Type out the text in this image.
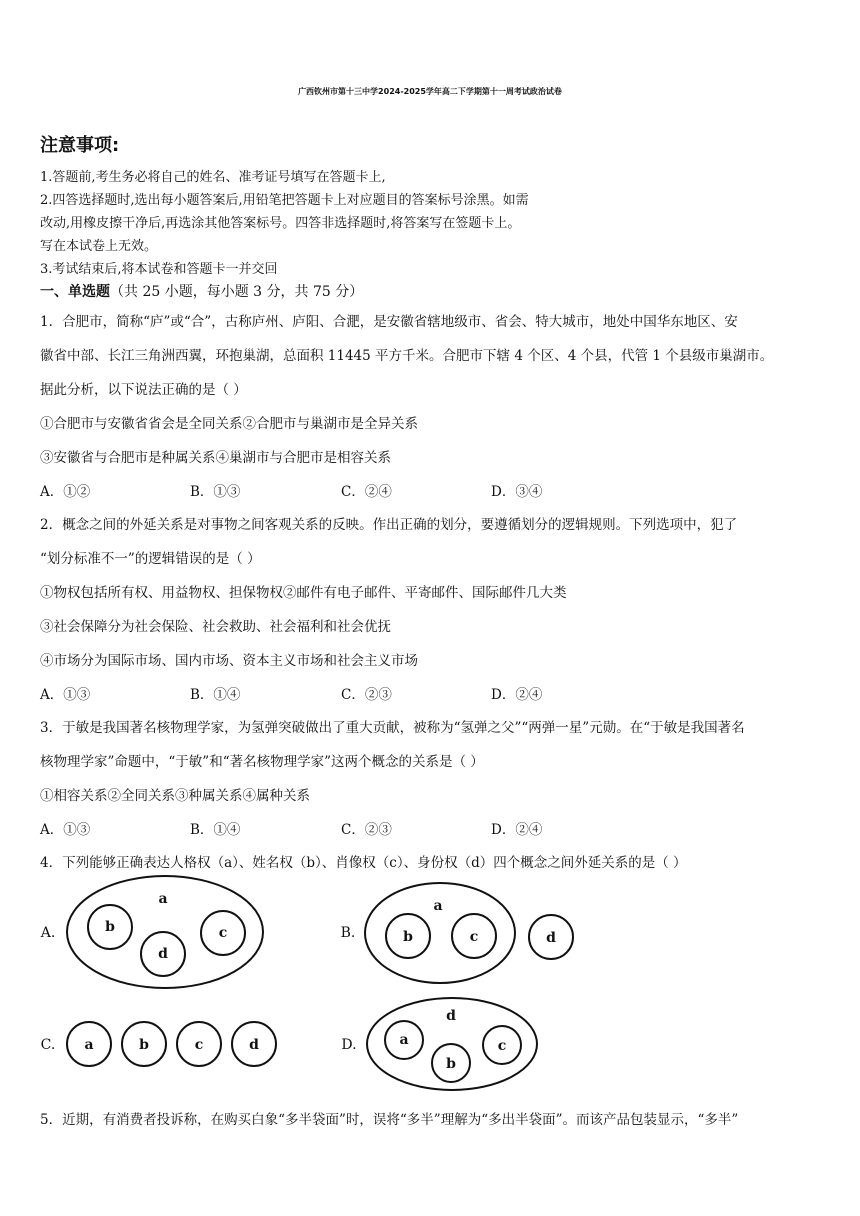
广西钦州市第十三中学2024-2025学年高二下学期第十一周考试政治试卷
注意事项:
1.答题前,考生务必将自己的姓名、准考证号填写在答题卡上,
2.四答选择题时,选出每小题答案后,用铅笔把答题卡上对应题目的答案标号涂黑。如需
改动,用橡皮擦干净后,再选涂其他答案标号。四答非选择题时,将答案写在签题卡上。
写在本试卷上无效。
3.考试结束后,将本试卷和答题卡一并交回
一、单选题（共 25 小题，每小题 3 分，共 75 分）
1．合肥市，简称“庐”或“合”，古称庐州、庐阳、合淝，是安徽省辖地级市、省会、特大城市，地处中国华东地区、安
徽省中部、长江三角洲西翼，环抱巢湖，总面积 11445 平方千米。合肥市下辖 4 个区、4 个县，代管 1 个县级市巢湖市。
据此分析，以下说法正确的是（ ）
①合肥市与安徽省省会是全同关系②合肥市与巢湖市是全异关系
③安徽省与合肥市是种属关系④巢湖市与合肥市是相容关系
A．①②	B．①③	C．②④	D．③④
2．概念之间的外延关系是对事物之间客观关系的反映。作出正确的划分，要遵循划分的逻辑规则。下列选项中，犯了
“划分标准不一”的逻辑错误的是（ ）
①物权包括所有权、用益物权、担保物权②邮件有电子邮件、平寄邮件、国际邮件几大类
③社会保障分为社会保险、社会救助、社会福利和社会优抚
④市场分为国际市场、国内市场、资本主义市场和社会主义市场
A．①③	B．①④	C．②③	D．②④
3．于敏是我国著名核物理学家，为氢弹突破做出了重大贡献，被称为“氢弹之父”“两弹一星”元勋。在“于敏是我国著名
核物理学家”命题中，“于敏”和“著名核物理学家”这两个概念的关系是（ ）
①相容关系②全同关系③种属关系④属种关系
A．①③	B．①④	C．②③	D．②④
4．下列能够正确表达人格权（a）、姓名权（b）、肖像权（c）、身份权（d）四个概念之间外延关系的是（ ）
A.
a
b	c
d
B.
a
b	c	d
C. a	b	c	d	D.
d
a
b
c
5．近期，有消费者投诉称，在购买白象“多半袋面”时，误将“多半”理解为“多出半袋面”。而该产品包装显示，“多半”
